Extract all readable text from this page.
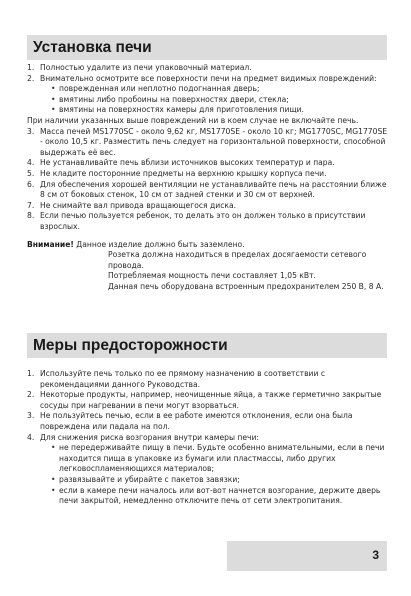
Установка печи
1. Полностью удалите из печи упаковочный материал.
2. Внимательно осмотрите все поверхности печи на предмет видимых повреждений:
• поврежденная или неплотно подогнанная дверь;
• вмятины либо пробоины на поверхностях двери, стекла;
• вмятины на поверхностях камеры для приготовления пищи.
При наличии указанных выше повреждений ни в коем случае не включайте печь.
3. Масса печей MS1770SC - около 9,62 кг, MS1770SE - около 10 кг; MG1770SC, MG1770SE - около 10,5 кг. Разместить печь следует на горизонтальной поверхности, способной выдержать её вес.
4. Не устанавливайте печь вблизи источников высоких температур и пара.
5. Не кладите посторонние предметы на верхнюю крышку корпуса печи.
6. Для обеспечения хорошей вентиляции не устанавливайте печь на расстоянии ближе 8 см от боковых стенок, 10 см от задней стенки и 30 см от верхней.
7. Не снимайте вал привода вращающегося диска.
8. Если печью пользуется ребенок, то делать это он должен только в присутствии взрослых.
Внимание! Данное изделие должно быть заземлено.
Розетка должна находиться в пределах досягаемости сетевого провода.
Потребляемая мощность печи составляет 1,05 кВт.
Данная печь оборудована встроенным предохранителем 250 В, 8 А.
Меры предосторожности
1. Используйте печь только по ее прямому назначению в соответствии с рекомендациями данного Руководства.
2. Некоторые продукты, например, неочищенные яйца, а также герметично закрытые сосуды при нагревании в печи могут взорваться.
3. Не пользуйтесь печью, если в ее работе имеются отклонения, если она была повреждена или падала на пол.
4. Для снижения риска возгорания внутри камеры печи:
• не передерживайте пищу в печи. Будьте особенно внимательными, если в печи находится пища в упаковке из бумаги или пластмассы, либо других легковоспламеняющихся материалов;
• развязывайте и убирайте с пакетов завязки;
• если в камере печи началось или вот-вот начнется возгорание, держите дверь печи закрытой, немедленно отключите печь от сети электропитания.
3
